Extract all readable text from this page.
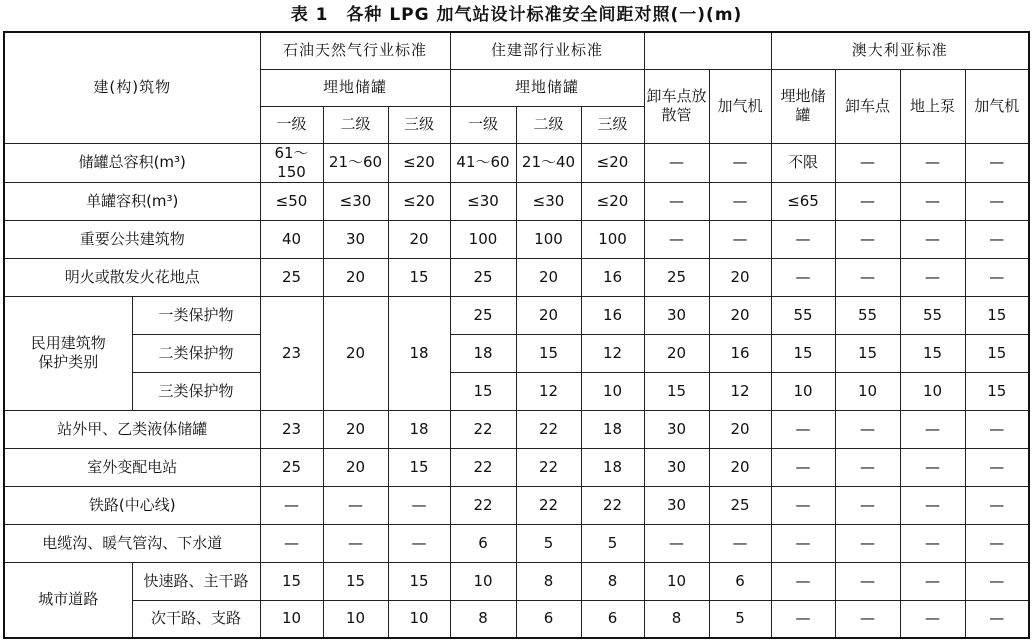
表 1　各种 LPG 加气站设计标准安全间距对照(一)(m)
建(构)筑物		石油天然气行业标准			住建部行业标准					澳大利亚标准			
		埋地储罐			埋地储罐			卸车点放散管	加气机	埋地储罐	卸车点	地上泵	加气机
		一级	二级	三级	一级	二级	三级						
储罐总容积(m³)		61～150	21～60	≤20	41～60	21～40	≤20	—	—	不限	—	—	—
单罐容积(m³)		≤50	≤30	≤20	≤30	≤30	≤20	—	—	≤65	—	—	—
重要公共建筑物		40	30	20	100	100	100	—	—	—	—	—	—
明火或散发火花地点		25	20	15	25	20	16	25	20	—	—	—	—
民用建筑物保护类别	一类保护物	23	20	18	25	20	16	30	20	55	55	55	15
	二类保护物				18	15	12	20	16	15	15	15	15
	三类保护物				15	12	10	15	12	10	10	10	15
站外甲、乙类液体储罐		23	20	18	22	22	18	30	20	—	—	—	—
室外变配电站		25	20	15	22	22	18	30	20	—	—	—	—
铁路(中心线)		—	—	—	22	22	22	30	25	—	—	—	—
电缆沟、暖气管沟、下水道		—	—	—	6	5	5	—	—	—	—	—	—
城市道路	快速路、主干路	15	15	15	10	8	8	10	6	—	—	—	—
	次干路、支路	10	10	10	8	6	6	8	5	—	—	—	—
